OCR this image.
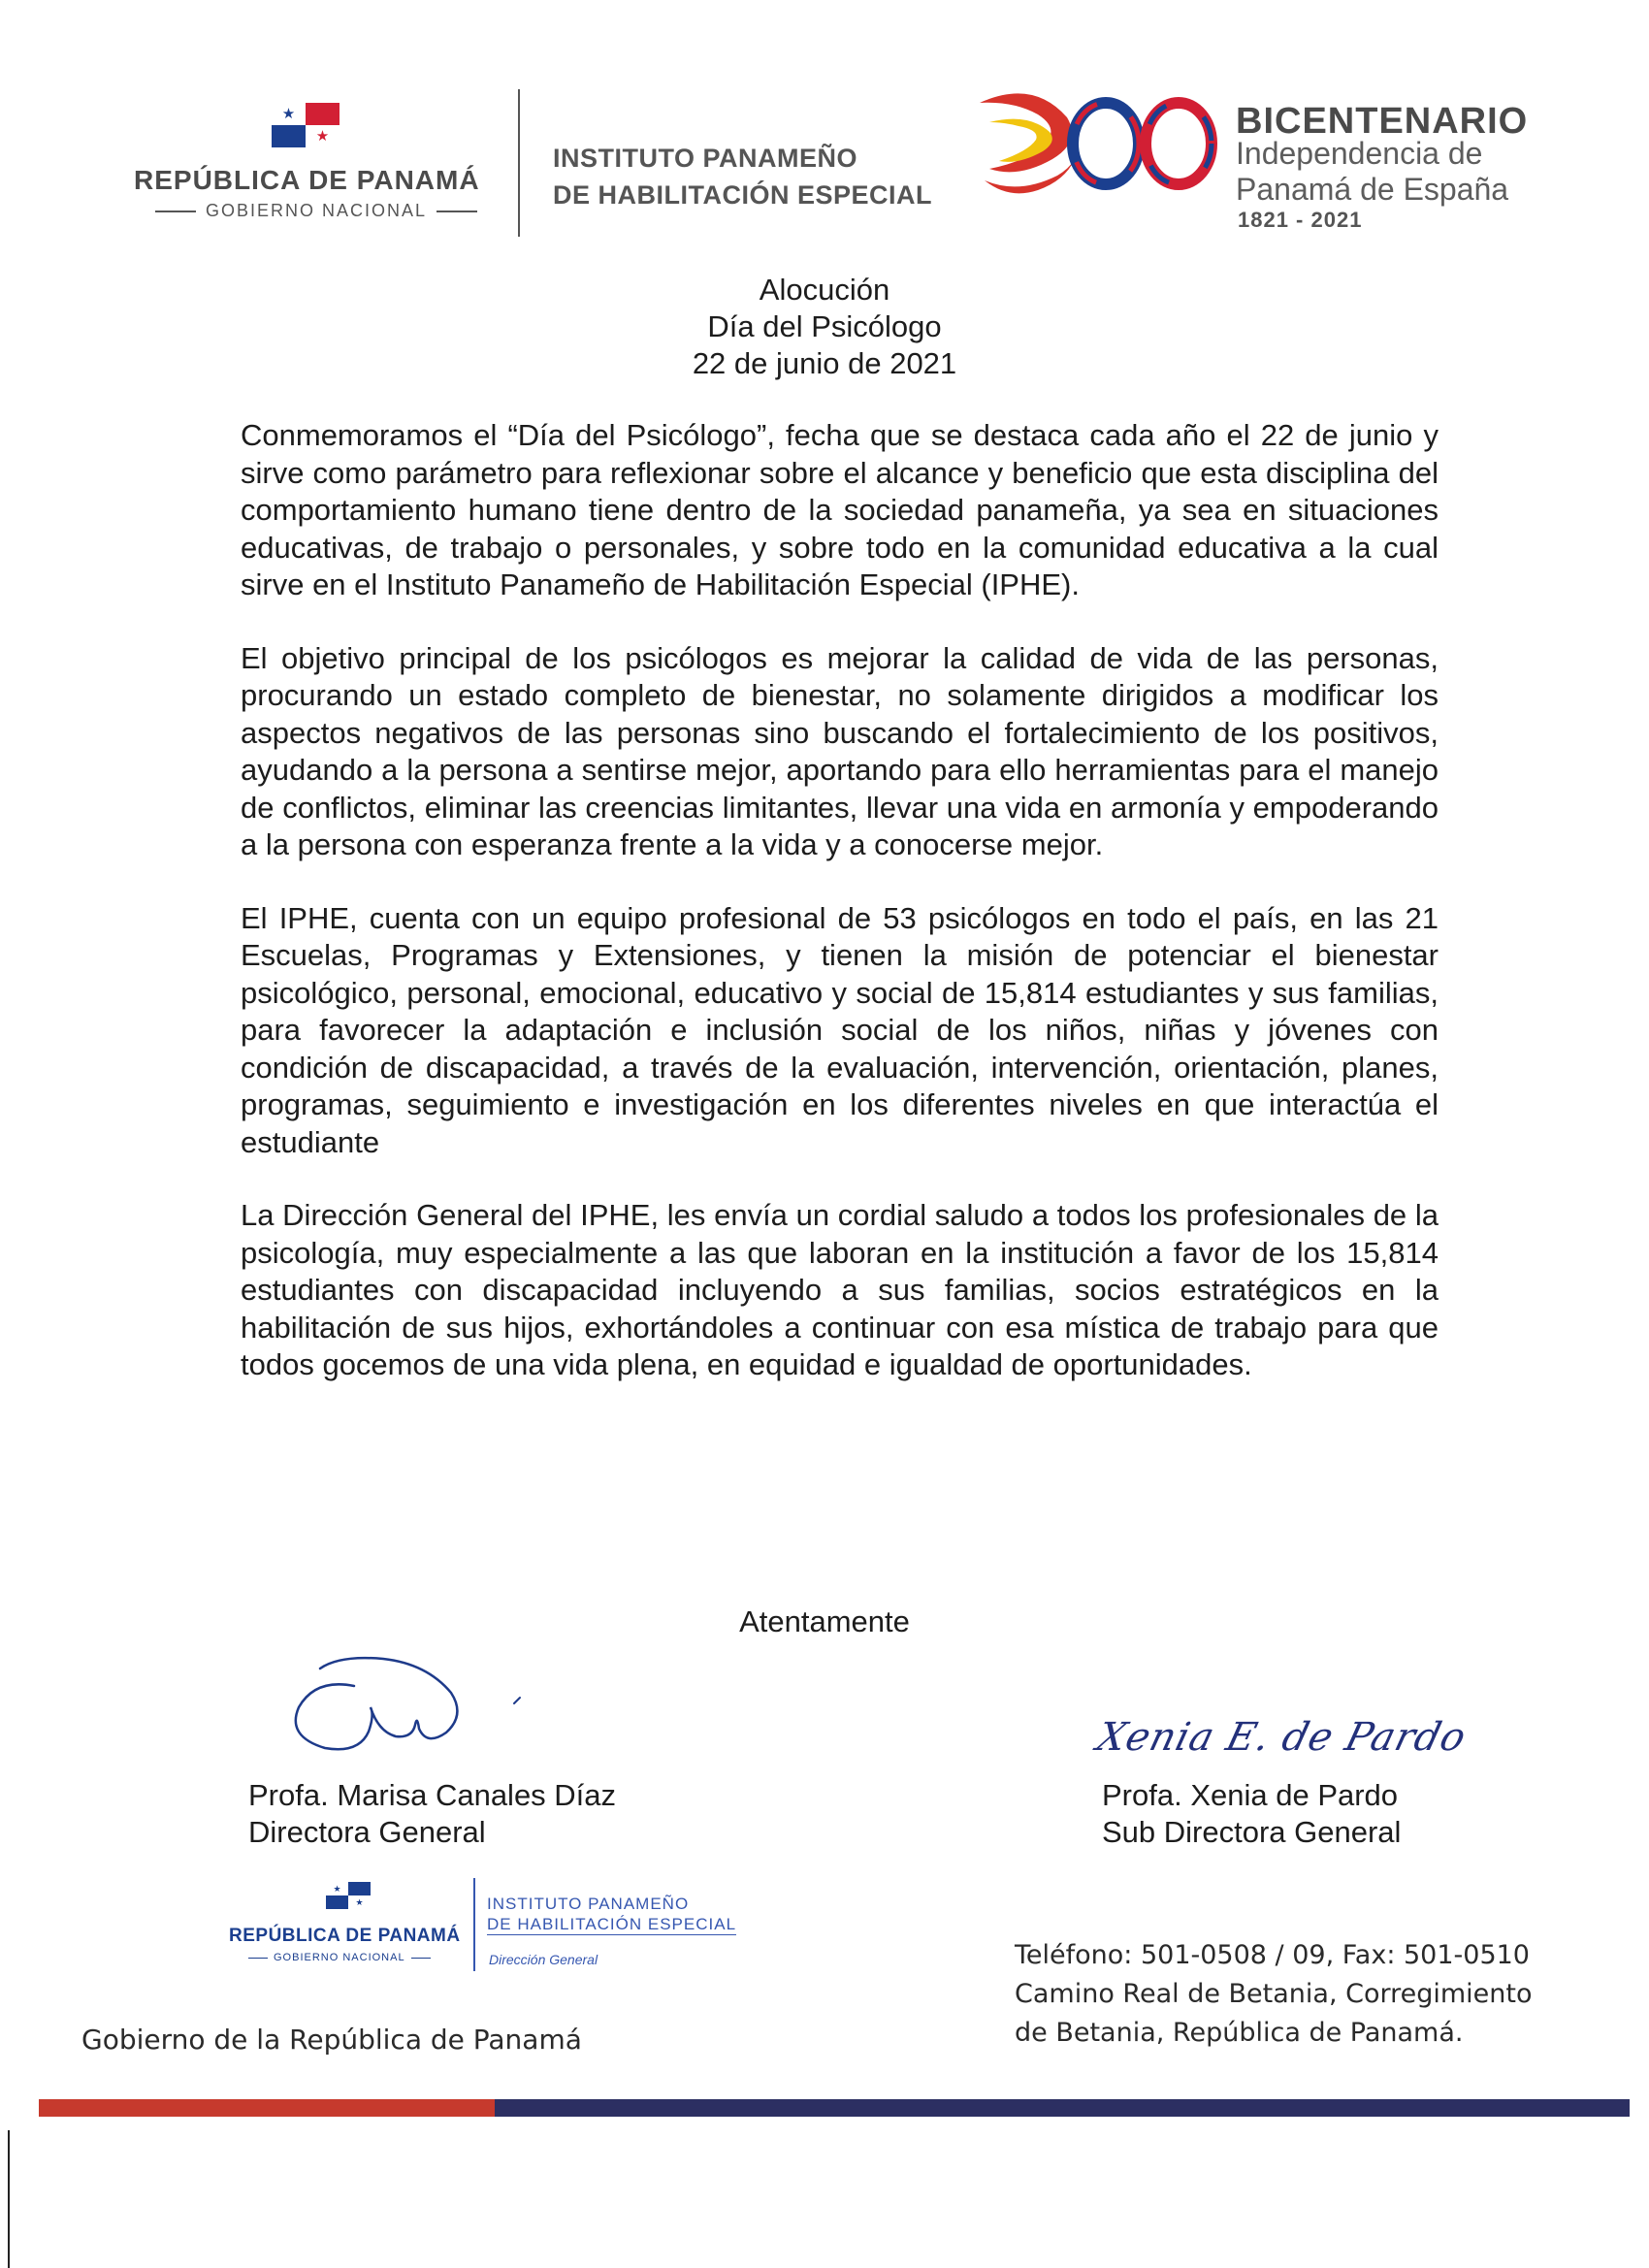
★
★
REPÚBLICA DE PANAMÁ
GOBIERNO NACIONAL
INSTITUTO PANAMEÑO
DE HABILITACIÓN ESPECIAL
BICENTENARIO
Independencia de
Panamá de España
1821 - 2021
Alocución
Día del Psicólogo
22 de junio de 2021

Conmemoramos el “Día del Psicólogo”, fecha que se destaca cada año el 22 de junio y sirve como parámetro para reflexionar sobre el alcance y beneficio que esta disciplina del comportamiento humano tiene dentro de la sociedad panameña, ya sea en situaciones educativas, de trabajo o personales, y sobre todo en la comunidad educativa a la cual sirve en el Instituto Panameño de Habilitación Especial (IPHE).

El objetivo principal de los psicólogos es mejorar la calidad de vida de las personas, procurando un estado completo de bienestar, no solamente dirigidos a modificar los aspectos negativos de las personas sino buscando el fortalecimiento de los positivos, ayudando a la persona a sentirse mejor, aportando para ello herramientas para el manejo de conflictos, eliminar las creencias limitantes, llevar una vida en armonía y empoderando a la persona con esperanza frente a la vida y a conocerse mejor.

El IPHE, cuenta con un equipo profesional de 53 psicólogos en todo el país, en las 21 Escuelas, Programas y Extensiones, y tienen la misión de potenciar el bienestar psicológico, personal, emocional, educativo y social de 15,814 estudiantes y sus familias, para favorecer la adaptación e inclusión social de los niños, niñas y jóvenes con condición de discapacidad, a través de la evaluación, intervención, orientación, planes, programas, seguimiento e investigación en los diferentes niveles en que interactúa el estudiante

La Dirección General del IPHE, les envía un cordial saludo a todos los profesionales de la psicología, muy especialmente a las que laboran en la institución a favor de los 15,814 estudiantes con discapacidad incluyendo a sus familias, socios estratégicos en la habilitación de sus hijos, exhortándoles a continuar con esa mística de trabajo para que todos gocemos de una vida plena, en equidad e igualdad de oportunidades.

Atentamente
Profa. Marisa Canales Díaz
Directora General
Xenia E. de Pardo
Profa. Xenia de Pardo
Sub Directora General
★
★
REPÚBLICA DE PANAMÁ
GOBIERNO NACIONAL
INSTITUTO PANAMEÑO
DE HABILITACIÓN ESPECIAL
Dirección General
Gobierno de la República de Panamá
Teléfono: 501-0508 / 09, Fax: 501-0510
Camino Real de Betania, Corregimiento
de Betania, República de Panamá.
